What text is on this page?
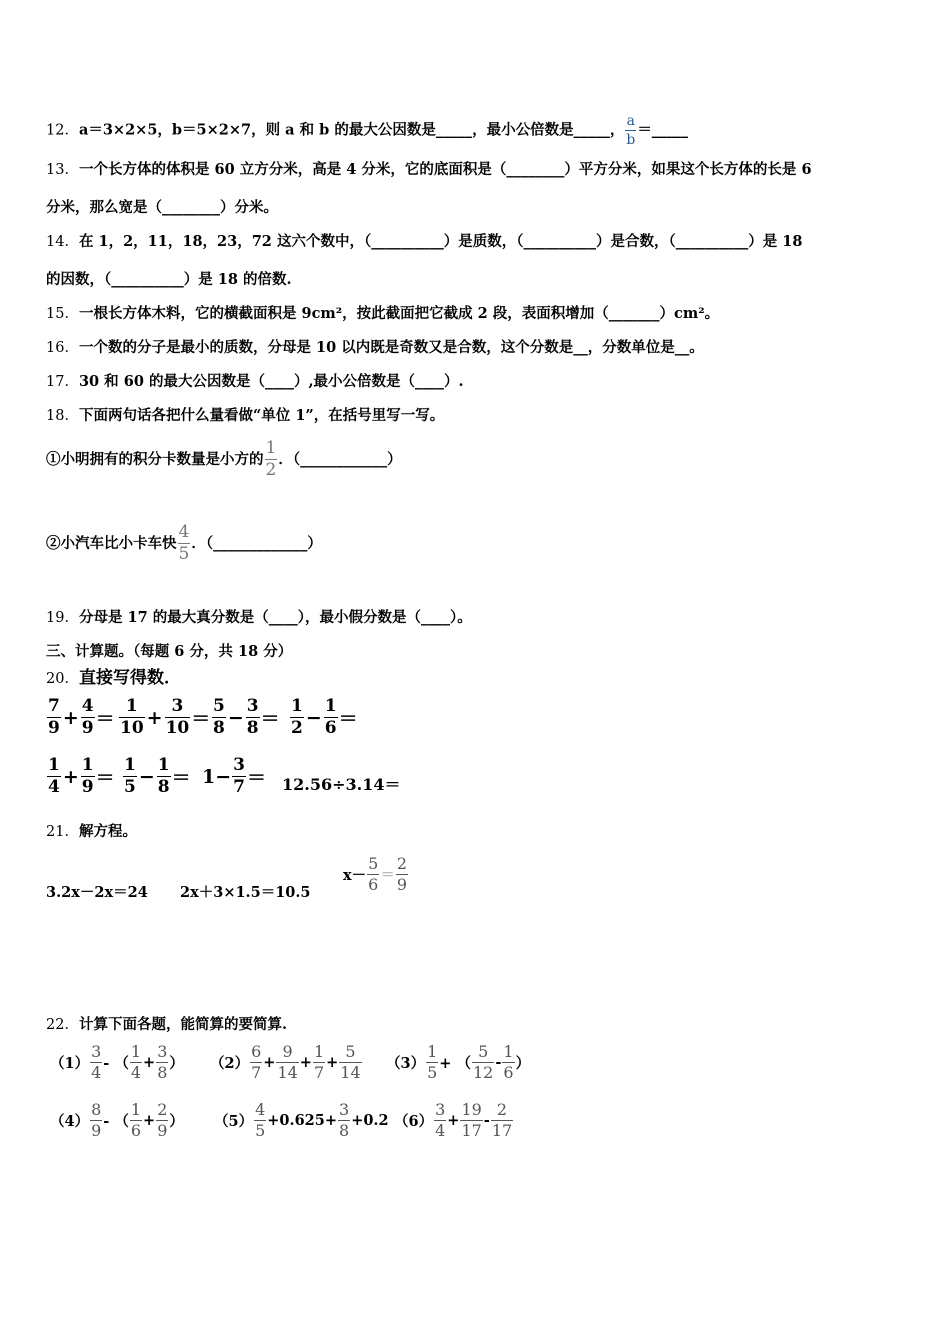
12．a＝3×2×5，b＝5×2×7，则 a 和 b 的最大公因数是_____，最小公倍数是_____， $\frac{a}{b}$ ＝_____
13．一个长方体的体积是 60 立方分米，高是 4 分米，它的底面积是（________）平方分米，如果这个长方体的长是 6
分米，那么宽是（________）分米。
14．在 1，2，11，18，23，72 这六个数中，（__________）是质数，（__________）是合数，（__________）是 18
的因数，（__________）是 18 的倍数.
15．一根长方体木料，它的横截面积是 9cm²，按此截面把它截成 2 段，表面积增加（_______）cm²。
16．一个数的分子是最小的质数，分母是 10 以内既是奇数又是合数，这个分数是__，分数单位是__。
17．30 和 60 的最大公因数是（____）,最小公倍数是（____）.
18．下面两句话各把什么量看做“单位 1”，在括号里写一写。
①小明拥有的积分卡数量是小方的 $\frac{1}{2}$ ．（____________）
②小汽车比小卡车快 $\frac{4}{5}$ ．（_____________）
19．分母是 17 的最大真分数是（____），最小假分数是（____）。
三、计算题。（每题 6 分，共 18 分）
20．直接写得数．
$\frac{7}{9} + \frac{4}{9} = \frac{1}{10} + \frac{3}{10} = \frac{5}{8} - \frac{3}{8} = \frac{1}{2} - \frac{1}{6}$ ＝
$\frac{1}{4} + \frac{1}{9} = \frac{1}{5} - \frac{1}{8} = 1- \frac{3}{7} = 12.56\div 3.14=$
21．解方程。
3.2x－2x＝24 2x＋3×1.5＝10.5
$x- \frac{5}{6} = \frac{2}{9}$
22．计算下面各题，能简算的要简算.
$(1) \frac{3}{4}$ - （ $\frac{1}{4} + \frac{3}{8}$ ） $(2) \frac{6}{7} + \frac{9}{14} + \frac{1}{7} + \frac{5}{14} (3) \frac{1}{5}$ + （ $\frac{5}{12} - \frac{1}{6}$ ）
$(4) \frac{8}{9}$ - （ $\frac{1}{6} + \frac{2}{9}$ ） $(5) \frac{4}{5} +0.625+ \frac{3}{8} +0.2$ $(6) \frac{3}{4} + \frac{19}{17} - \frac{2}{17}$
